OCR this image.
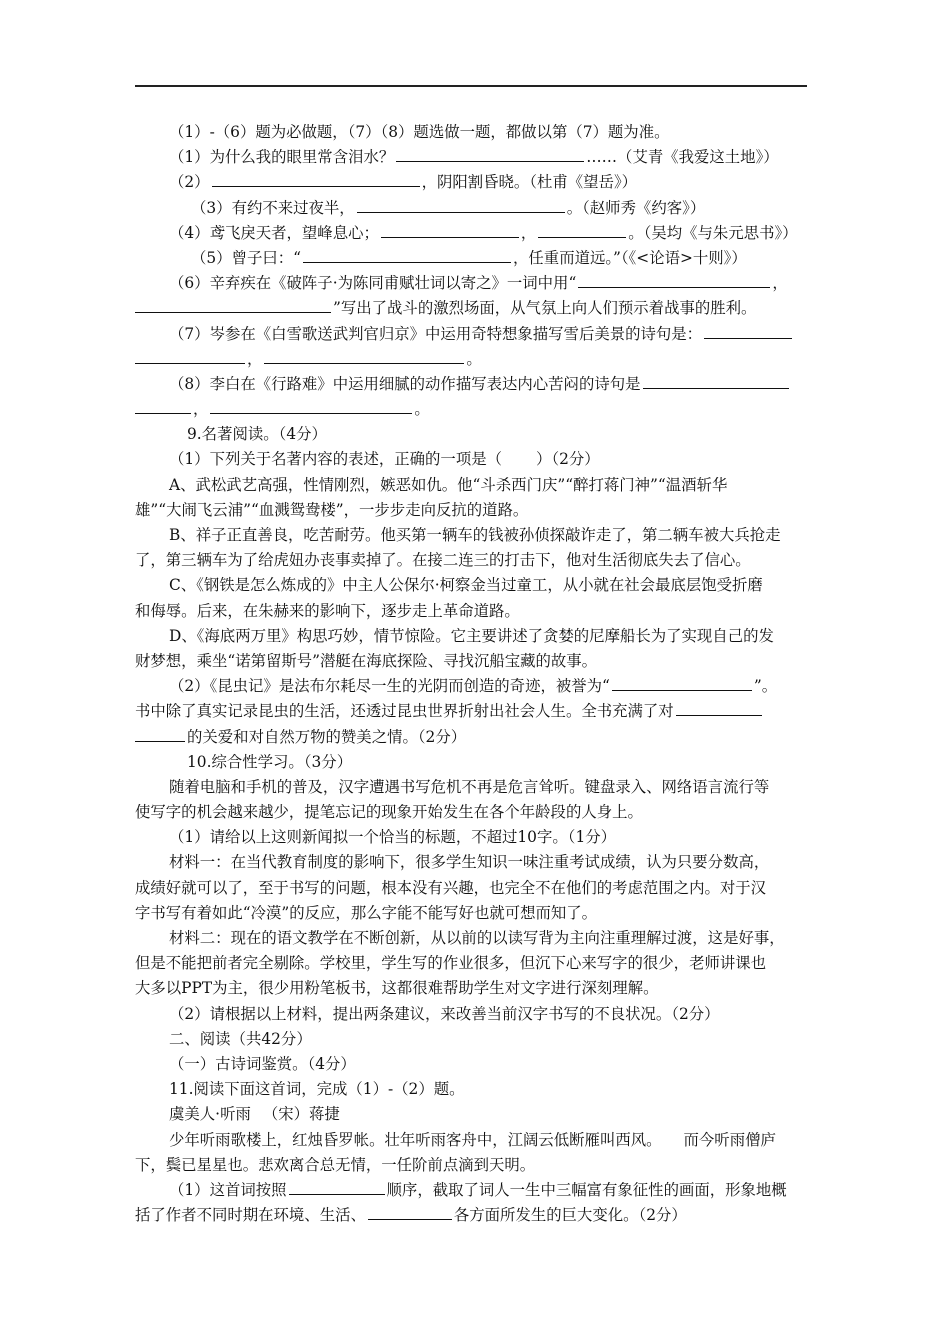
（1）-（6）题为必做题，（7）（8）题选做一题，都做以第（7）题为准。
（1）为什么我的眼里常含泪水？	……（艾青《我爱这土地》）
（2）	，阴阳割昏晓。（杜甫《望岳》）
（3）有约不来过夜半，	。（赵师秀《约客》）
（4）鸢飞戾天者，望峰息心；	，	。（吴均《与朱元思书》）
（5）曾子曰：“	，任重而道远。”（《<论语>十则》）
（6）辛弃疾在《破阵子·为陈同甫赋壮词以寄之》一词中用“	，
”写出了战斗的激烈场面，从气氛上向人们预示着战事的胜利。
（7）岑参在《白雪歌送武判官归京》中运用奇特想象描写雪后美景的诗句是：
，	。
（8）李白在《行路难》中运用细腻的动作描写表达内心苦闷的诗句是
，	。
9.名著阅读。（4分）
（1）下列关于名著内容的表述，正确的一项是（ ）（2分）
A、武松武艺高强，性情刚烈，嫉恶如仇。他“斗杀西门庆”“醉打蒋门神”“温酒斩华
雄”“大闹飞云浦”“血溅鸳鸯楼”，一步步走向反抗的道路。
B、祥子正直善良，吃苦耐劳。他买第一辆车的钱被孙侦探敲诈走了，第二辆车被大兵抢走
了，第三辆车为了给虎妞办丧事卖掉了。在接二连三的打击下，他对生活彻底失去了信心。
C、《钢铁是怎么炼成的》中主人公保尔·柯察金当过童工，从小就在社会最底层饱受折磨
和侮辱。后来，在朱赫来的影响下，逐步走上革命道路。
D、《海底两万里》构思巧妙，情节惊险。它主要讲述了贪婪的尼摩船长为了实现自己的发
财梦想，乘坐“诺第留斯号”潜艇在海底探险、寻找沉船宝藏的故事。
（2）《昆虫记》是法布尔耗尽一生的光阴而创造的奇迹，被誉为“	”。
书中除了真实记录昆虫的生活，还透过昆虫世界折射出社会人生。全书充满了对
的关爱和对自然万物的赞美之情。（2分）
10.综合性学习。（3分）
随着电脑和手机的普及，汉字遭遇书写危机不再是危言耸听。键盘录入、网络语言流行等
使写字的机会越来越少，提笔忘记的现象开始发生在各个年龄段的人身上。
（1）请给以上这则新闻拟一个恰当的标题，不超过10字。（1分）
材料一：在当代教育制度的影响下，很多学生知识一味注重考试成绩，认为只要分数高，
成绩好就可以了，至于书写的问题，根本没有兴趣，也完全不在他们的考虑范围之内。对于汉
字书写有着如此“冷漠”的反应，那么字能不能写好也就可想而知了。
材料二：现在的语文教学在不断创新，从以前的以读写背为主向注重理解过渡，这是好事，
但是不能把前者完全剔除。学校里，学生写的作业很多，但沉下心来写字的很少，老师讲课也
大多以PPT为主，很少用粉笔板书，这都很难帮助学生对文字进行深刻理解。
（2）请根据以上材料，提出两条建议，来改善当前汉字书写的不良状况。（2分）
二、阅读（共42分）
（一）古诗词鉴赏。（4分）
11.阅读下面这首词，完成（1）-（2）题。
虞美人·听雨 （宋）蒋捷
少年听雨歌楼上，红烛昏罗帐。壮年听雨客舟中，江阔云低断雁叫西风。 而今听雨僧庐
下，鬓已星星也。悲欢离合总无情，一任阶前点滴到天明。
（1）这首词按照	顺序，截取了词人一生中三幅富有象征性的画面，形象地概
括了作者不同时期在环境、生活、	各方面所发生的巨大变化。（2分）
